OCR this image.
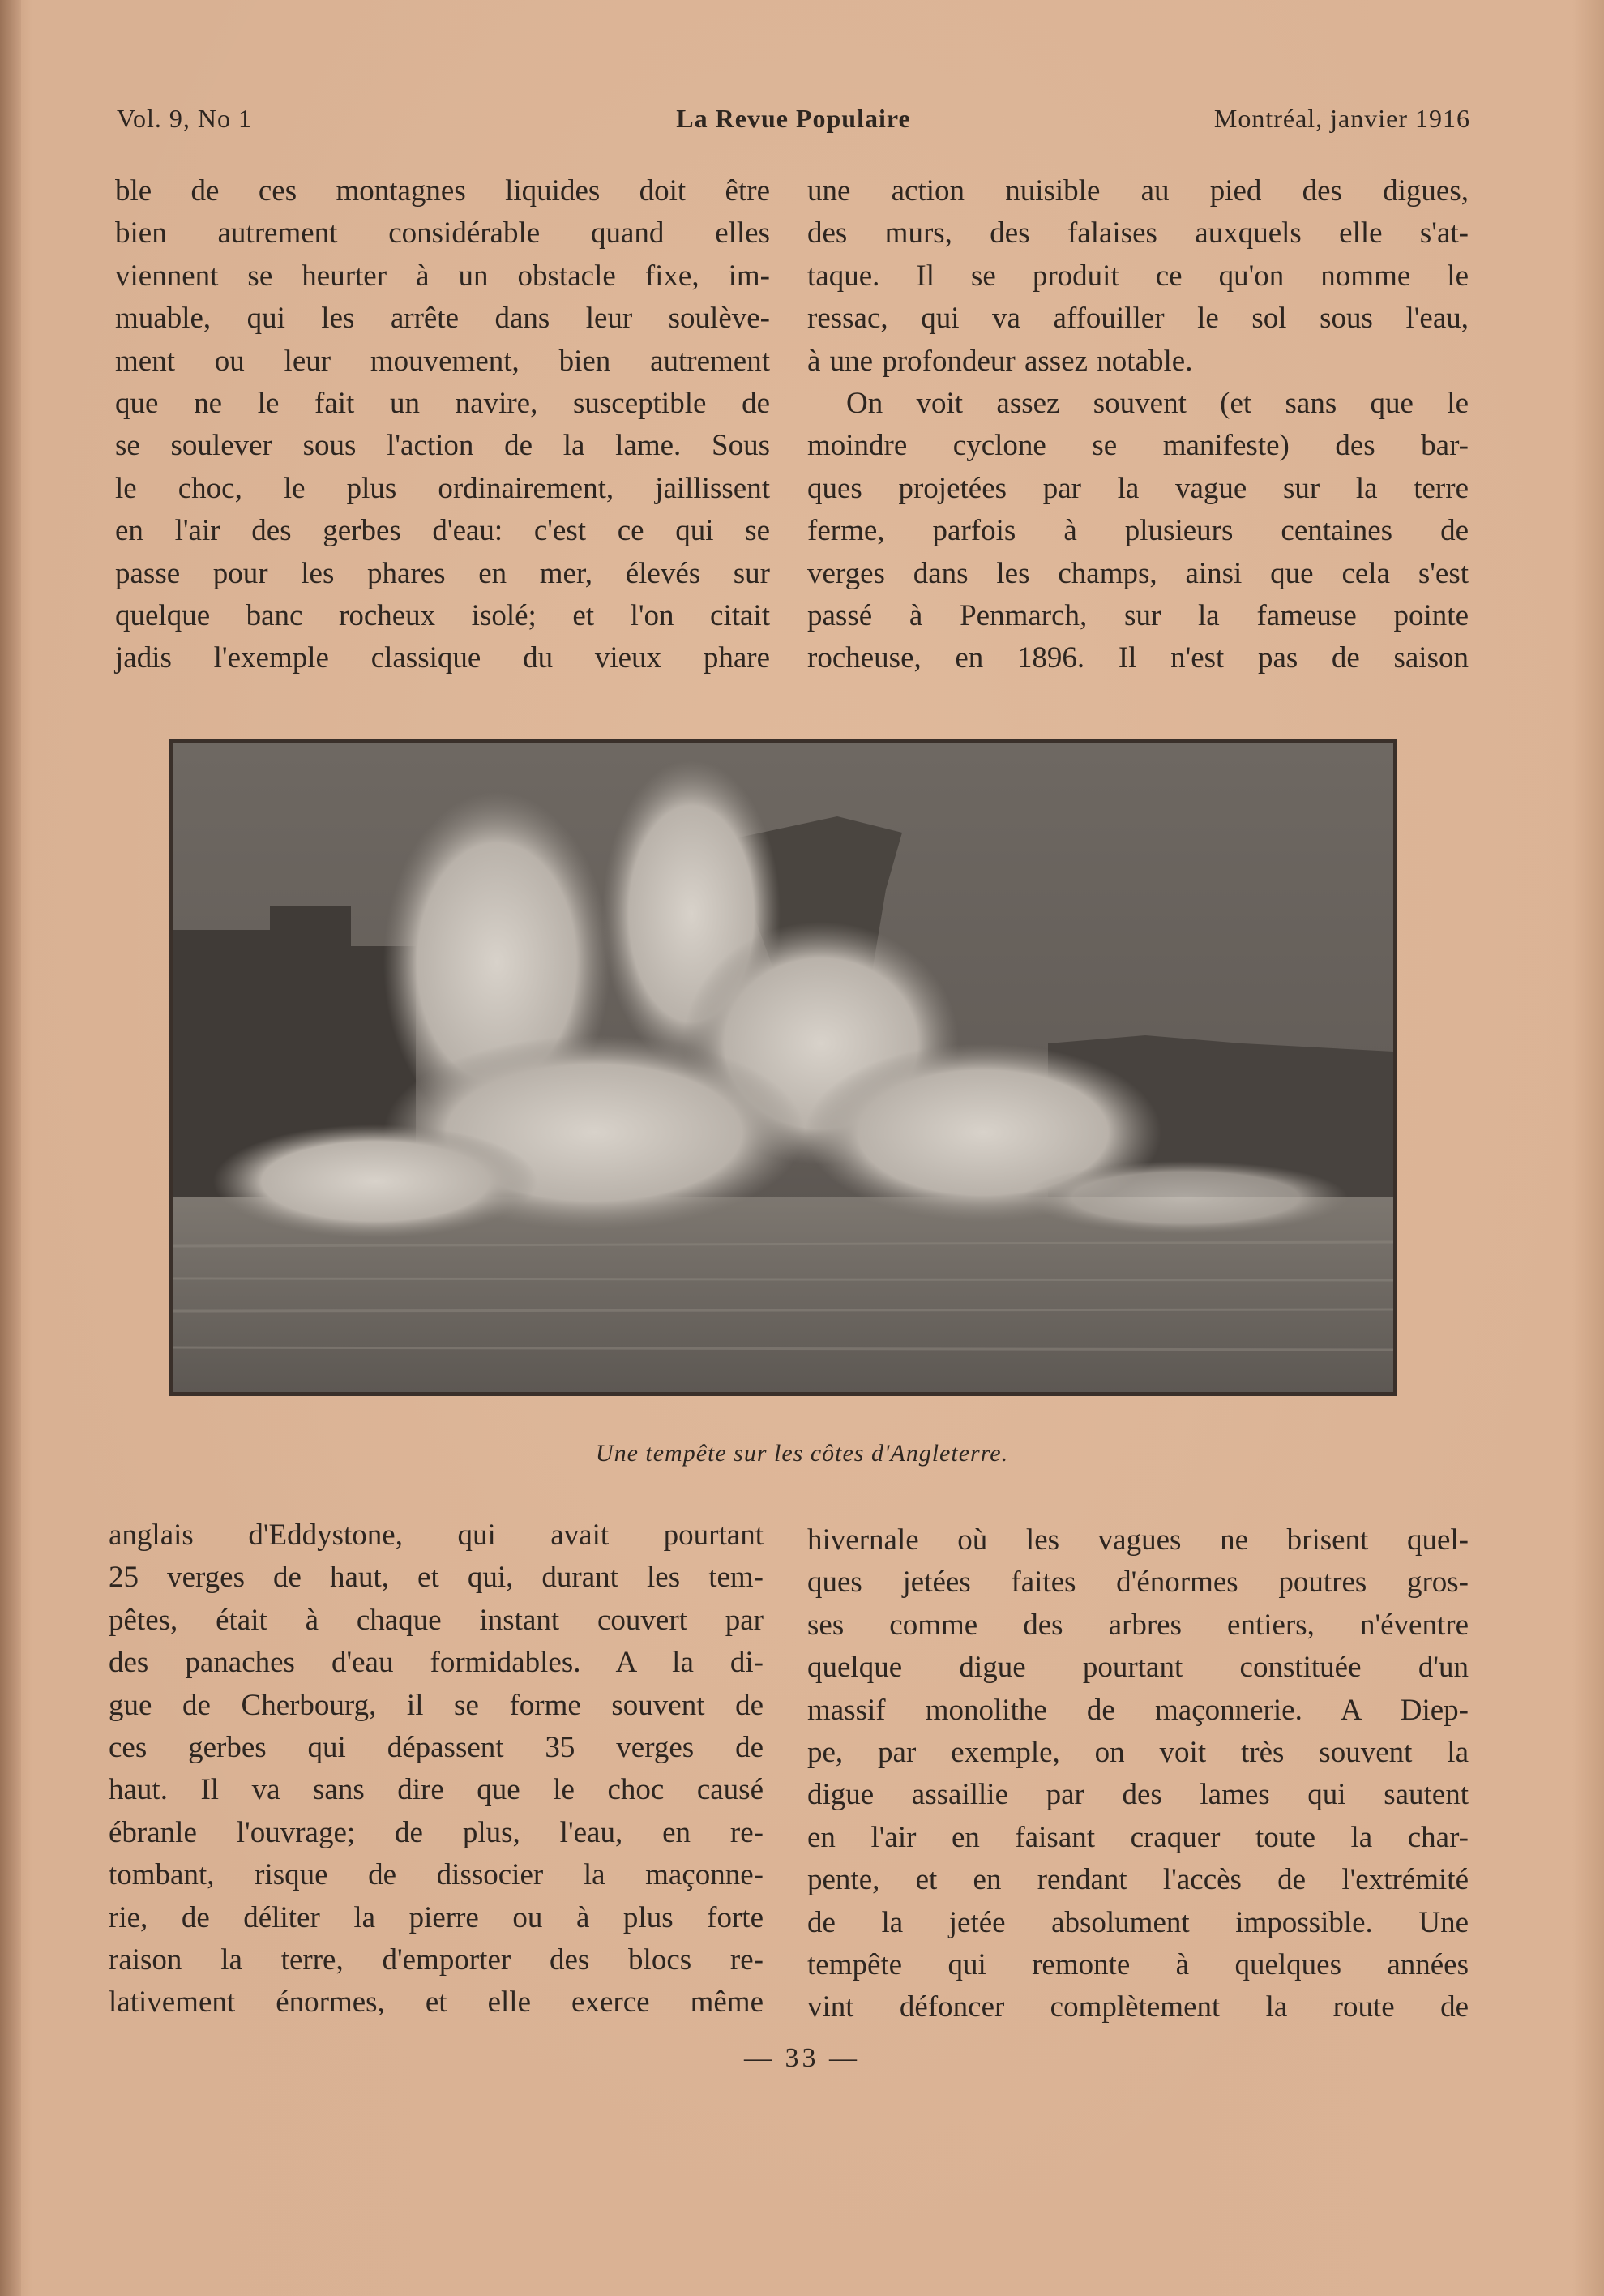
Vol. 9, No 1	La Revue Populaire	Montréal, janvier 1916

ble de ces montagnes liquides doit être

bien autrement considérable quand elles

viennent se heurter à un obstacle fixe, im-

muable, qui les arrête dans leur soulève-

ment ou leur mouvement, bien autrement

que ne le fait un navire, susceptible de

se soulever sous l'action de la lame. Sous

le choc, le plus ordinairement, jaillissent

en l'air des gerbes d'eau: c'est ce qui se

passe pour les phares en mer, élevés sur

quelque banc rocheux isolé; et l'on citait

jadis l'exemple classique du vieux phare

une action nuisible au pied des digues,

des murs, des falaises auxquels elle s'at-

taque. Il se produit ce qu'on nomme le

ressac, qui va affouiller le sol sous l'eau,

à une profondeur assez notable.

On voit assez souvent (et sans que le

moindre cyclone se manifeste) des bar-

ques projetées par la vague sur la terre

ferme, parfois à plusieurs centaines de

verges dans les champs, ainsi que cela s'est

passé à Penmarch, sur la fameuse pointe

rocheuse, en 1896. Il n'est pas de saison

Une tempête sur les côtes d'Angleterre.

anglais d'Eddystone, qui avait pourtant

25 verges de haut, et qui, durant les tem-

pêtes, était à chaque instant couvert par

des panaches d'eau formidables. A la di-

gue de Cherbourg, il se forme souvent de

ces gerbes qui dépassent 35 verges de

haut. Il va sans dire que le choc causé

ébranle l'ouvrage; de plus, l'eau, en re-

tombant, risque de dissocier la maçonne-

rie, de déliter la pierre ou à plus forte

raison la terre, d'emporter des blocs re-

lativement énormes, et elle exerce même

hivernale où les vagues ne brisent quel-

ques jetées faites d'énormes poutres gros-

ses comme des arbres entiers, n'éventre

quelque digue pourtant constituée d'un

massif monolithe de maçonnerie. A Diep-

pe, par exemple, on voit très souvent la

digue assaillie par des lames qui sautent

en l'air en faisant craquer toute la char-

pente, et en rendant l'accès de l'extrémité

de la jetée absolument impossible. Une

tempête qui remonte à quelques années

vint défoncer complètement la route de

— 33 —
